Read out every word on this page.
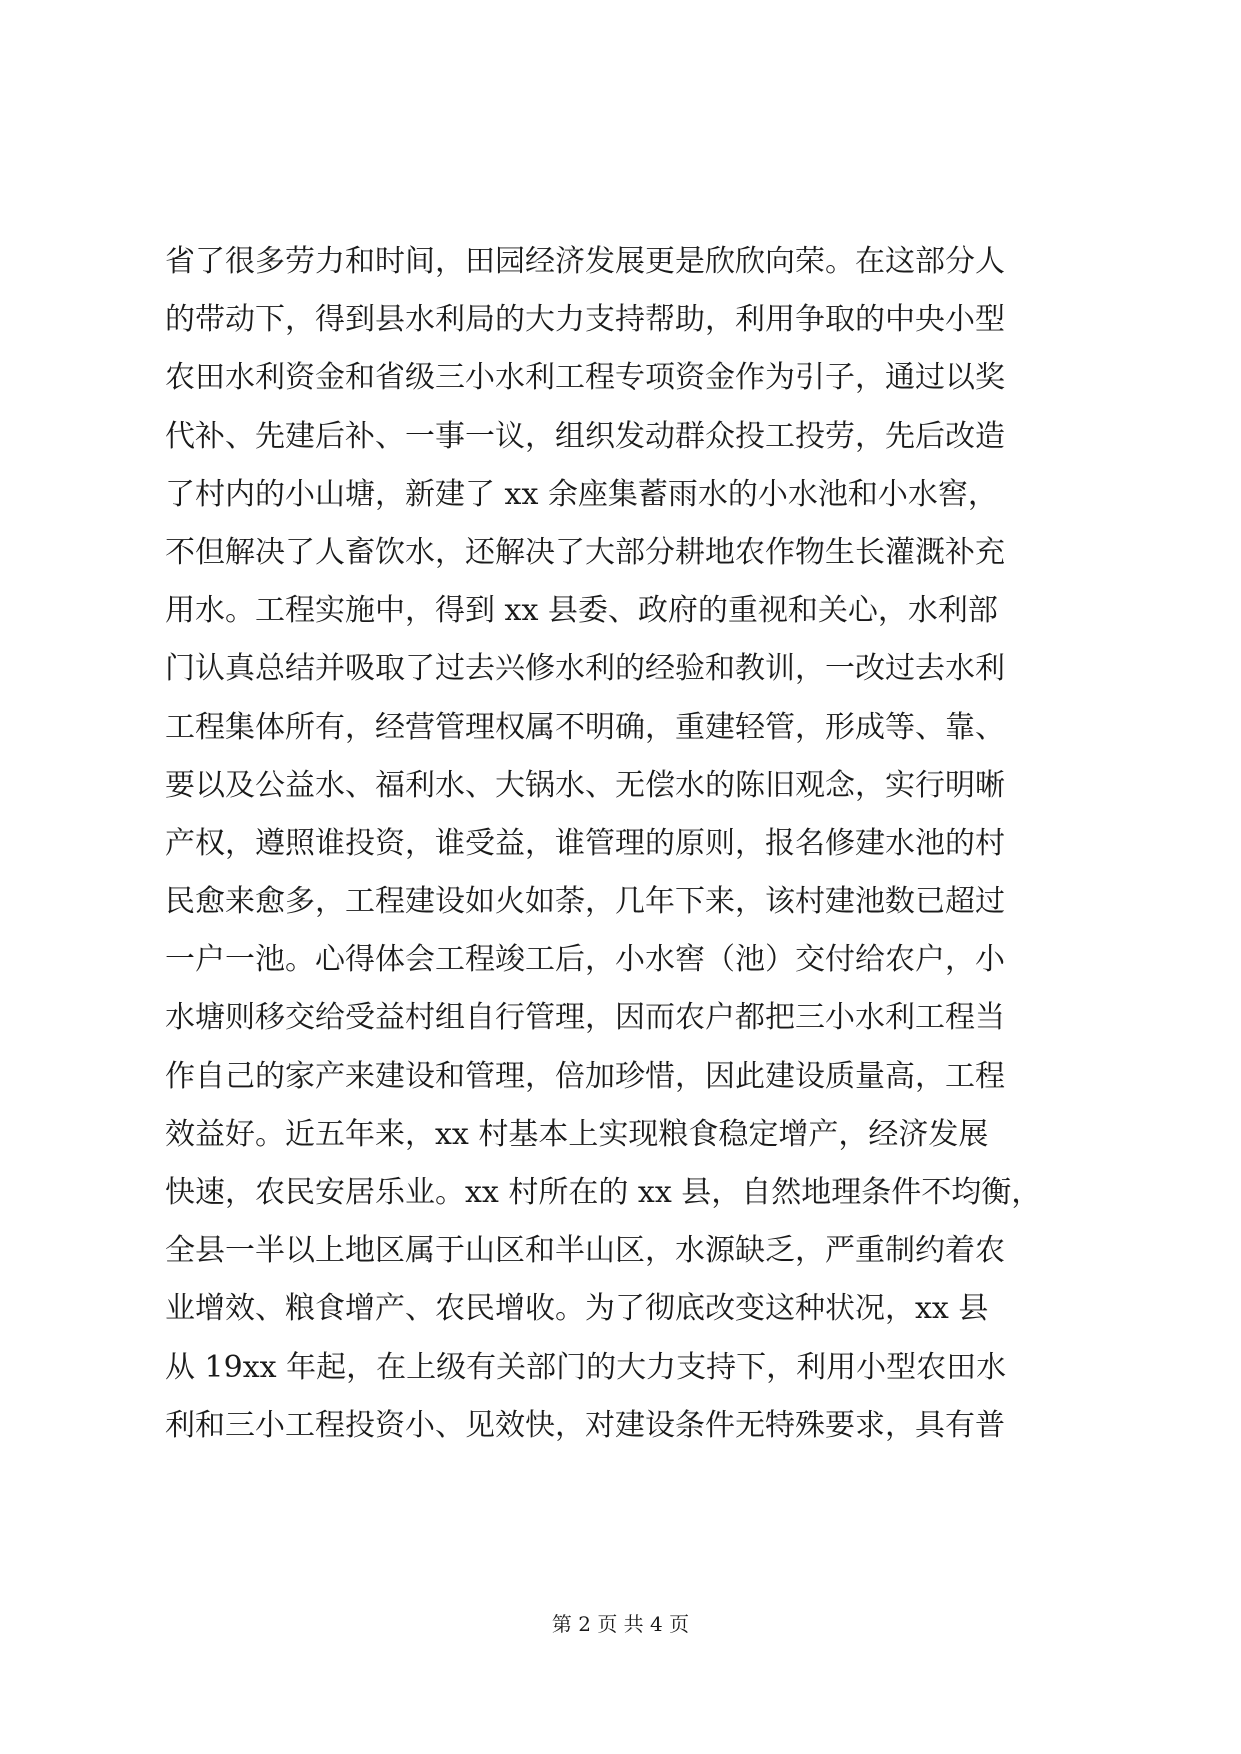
省了很多劳力和时间，田园经济发展更是欣欣向荣。在这部分人
的带动下，得到县水利局的大力支持帮助，利用争取的中央小型
农田水利资金和省级三小水利工程专项资金作为引子，通过以奖
代补、先建后补、一事一议，组织发动群众投工投劳，先后改造
了村内的小山塘，新建了 xx 余座集蓄雨水的小水池和小水窖，
不但解决了人畜饮水，还解决了大部分耕地农作物生长灌溉补充
用水。工程实施中，得到 xx 县委、政府的重视和关心，水利部
门认真总结并吸取了过去兴修水利的经验和教训，一改过去水利
工程集体所有，经营管理权属不明确，重建轻管，形成等、靠、
要以及公益水、福利水、大锅水、无偿水的陈旧观念，实行明晰
产权，遵照谁投资，谁受益，谁管理的原则，报名修建水池的村
民愈来愈多，工程建设如火如荼，几年下来，该村建池数已超过
一户一池。心得体会工程竣工后，小水窖（池）交付给农户，小
水塘则移交给受益村组自行管理，因而农户都把三小水利工程当
作自己的家产来建设和管理，倍加珍惜，因此建设质量高，工程
效益好。近五年来，xx 村基本上实现粮食稳定增产，经济发展
快速，农民安居乐业。xx 村所在的 xx 县，自然地理条件不均衡，
全县一半以上地区属于山区和半山区，水源缺乏，严重制约着农
业增效、粮食增产、农民增收。为了彻底改变这种状况，xx 县
从 19xx 年起，在上级有关部门的大力支持下，利用小型农田水
利和三小工程投资小、见效快，对建设条件无特殊要求，具有普
第 2 页 共 4 页
